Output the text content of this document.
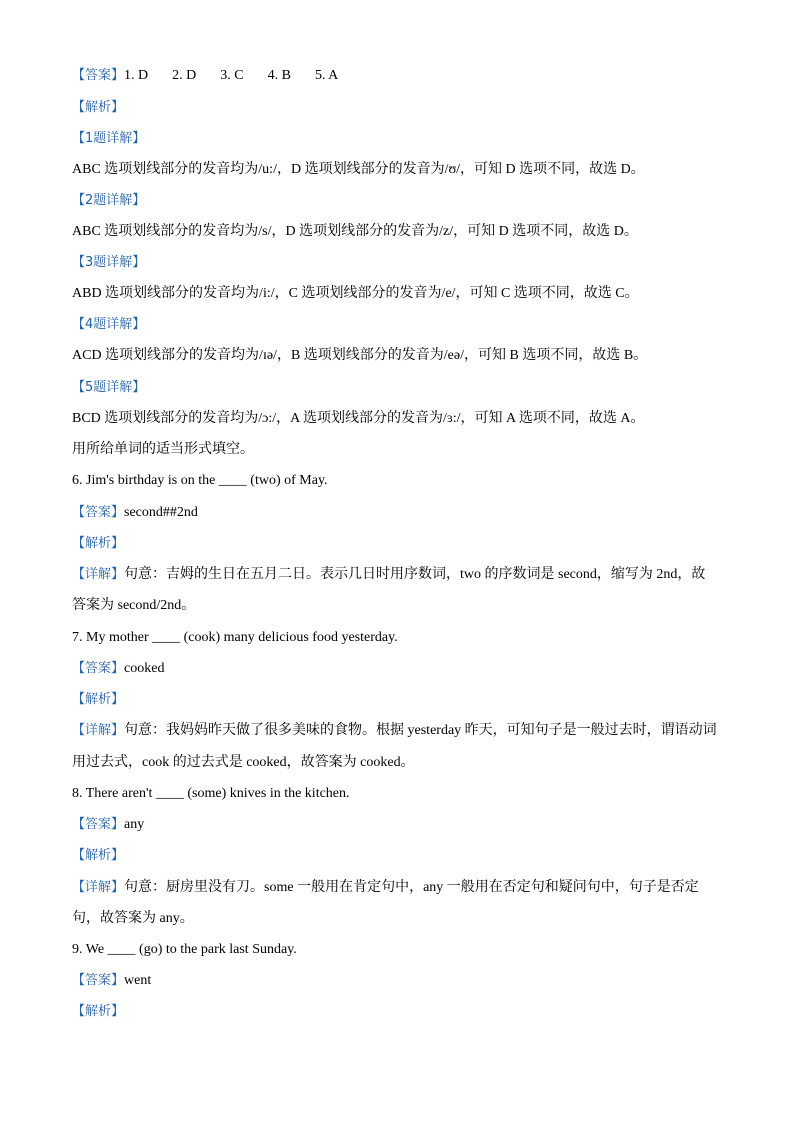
【答案】1. D 2. D 3. C 4. B 5. A
【解析】
【1题详解】
ABC 选项划线部分的发音均为/u:/，D 选项划线部分的发音为/ʊ/，可知 D 选项不同，故选 D。
【2题详解】
ABC 选项划线部分的发音均为/s/，D 选项划线部分的发音为/z/，可知 D 选项不同，故选 D。
【3题详解】
ABD 选项划线部分的发音均为/i:/，C 选项划线部分的发音为/e/，可知 C 选项不同，故选 C。
【4题详解】
ACD 选项划线部分的发音均为/ɪə/，B 选项划线部分的发音为/eə/，可知 B 选项不同，故选 B。
【5题详解】
BCD 选项划线部分的发音均为/ɔ:/，A 选项划线部分的发音为/ɜ:/，可知 A 选项不同，故选 A。
用所给单词的适当形式填空。
6. Jim's birthday is on the ____ (two) of May.
【答案】second##2nd
【解析】
【详解】句意：吉姆的生日在五月二日。表示几日时用序数词，two 的序数词是 second，缩写为 2nd，故
答案为 second/2nd。
7. My mother ____ (cook) many delicious food yesterday.
【答案】cooked
【解析】
【详解】句意：我妈妈昨天做了很多美味的食物。根据 yesterday 昨天，可知句子是一般过去时，谓语动词
用过去式，cook 的过去式是 cooked，故答案为 cooked。
8. There aren't ____ (some) knives in the kitchen.
【答案】any
【解析】
【详解】句意：厨房里没有刀。some 一般用在肯定句中，any 一般用在否定句和疑问句中，句子是否定
句，故答案为 any。
9. We ____ (go) to the park last Sunday.
【答案】went
【解析】
